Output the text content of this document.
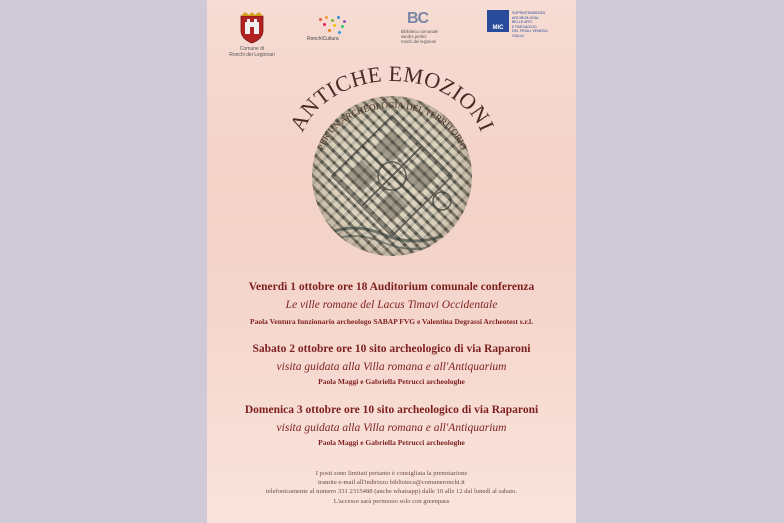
Comune di
Ronchi dei Legionari
RonchiCultura
BC
biblioteca comunale
sandro pertini
ronchi dei legionari
MIC
SOPRINTENDENZA
ARCHEOLOGIA
BELLE ARTI
E PAESAGGIO
DEL FRIULI VENEZIA GIULIA
ANTICHE EMOZIONI
PER UN'ARCHEOLOGIA DEL TERRITORIO
Venerdì 1 ottobre ore 18 Auditorium comunale conferenza
Le ville romane del Lacus Timavi Occidentale
Paola Ventura funzionario archeologo SABAP FVG e Valentina Degrassi Archeotest s.r.l.
Sabato 2 ottobre ore 10 sito archeologico di via Raparoni
visita guidata alla Villa romana e all'Antiquarium
Paola Maggi e Gabriella Petrucci archeologhe
Domenica 3 ottobre ore 10 sito archeologico di via Raparoni
visita guidata alla Villa romana e all'Antiquarium
Paola Maggi e Gabriella Petrucci archeologhe
I posti sono limitati pertanto è consigliata la prenotazione
tramite e-mail all'indirizzo biblioteca@comuneronchi.it
telefonicamente al numero 331 2315488 (anche whatsapp) dalle 10 alle 12 dal lunedì al sabato.
L'accesso sarà permesso solo con greenpass
